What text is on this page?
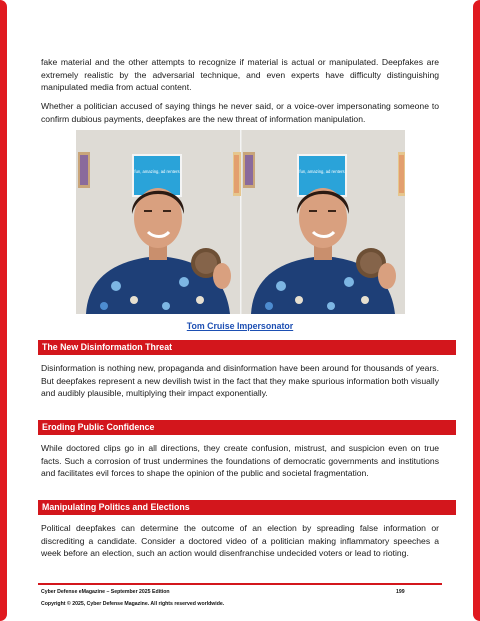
fake material and the other attempts to recognize if material is actual or manipulated. Deepfakes are extremely realistic by the adversarial technique, and even experts have difficulty distinguishing manipulated media from actual content.

Whether a politician accused of saying things he never said, or a voice-over impersonating someone to confirm dubious payments, deepfakes are the new threat of information manipulation.

fun, amazing, ad renters	fun, amazing, ad renters
Tom Cruise Impersonator
The New Disinformation Threat

Disinformation is nothing new, propaganda and disinformation have been around for thousands of years. But deepfakes represent a new devilish twist in the fact that they make spurious information both visually and audibly plausible, multiplying their impact exponentially.

Eroding Public Confidence

While doctored clips go in all directions, they create confusion, mistrust, and suspicion even on true facts. Such a corrosion of trust undermines the foundations of democratic governments and institutions and facilitates evil forces to shape the opinion of the public and societal fragmentation.

Manipulating Politics and Elections

Political deepfakes can determine the outcome of an election by spreading false information or discrediting a candidate. Consider a doctored video of a politician making inflammatory speeches a week before an election, such an action would disenfranchise undecided voters or lead to rioting.

Cyber Defense eMagazine – September 2025 Edition	199
Copyright © 2025, Cyber Defense Magazine. All rights reserved worldwide.
